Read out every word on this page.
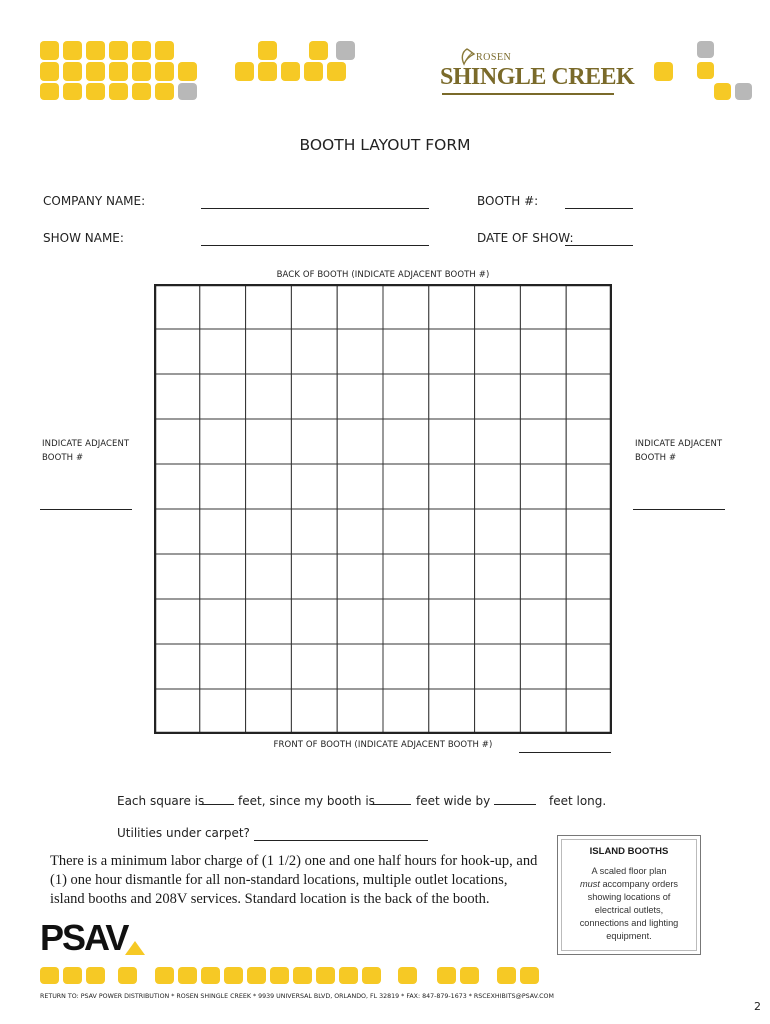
ROSEN
SHINGLE CREEK
BOOTH LAYOUT FORM
COMPANY NAME:	BOOTH #:
SHOW NAME:	DATE OF SHOW:
BACK OF BOOTH (INDICATE ADJACENT BOOTH #)
INDICATE ADJACENT BOOTH #
INDICATE ADJACENT BOOTH #
FRONT OF BOOTH (INDICATE ADJACENT BOOTH #)
Each square is	feet, since my booth is	feet wide by	feet long.
Utilities under carpet?
There is a minimum labor charge of (1 1/2) one and one half hours for hook-up, and (1) one hour dismantle for all non-standard locations, multiple outlet locations, island booths and 208V services. Standard location is the back of the booth.
ISLAND BOOTHS
A scaled floor plan
must accompany orders
showing locations of
electrical outlets,
connections and lighting
equipment.
PSAV
RETURN TO: PSAV POWER DISTRIBUTION * ROSEN SHINGLE CREEK * 9939 UNIVERSAL BLVD, ORLANDO, FL 32819 * FAX: 847-879-1673 * RSCEXHIBITS@PSAV.COM
2
